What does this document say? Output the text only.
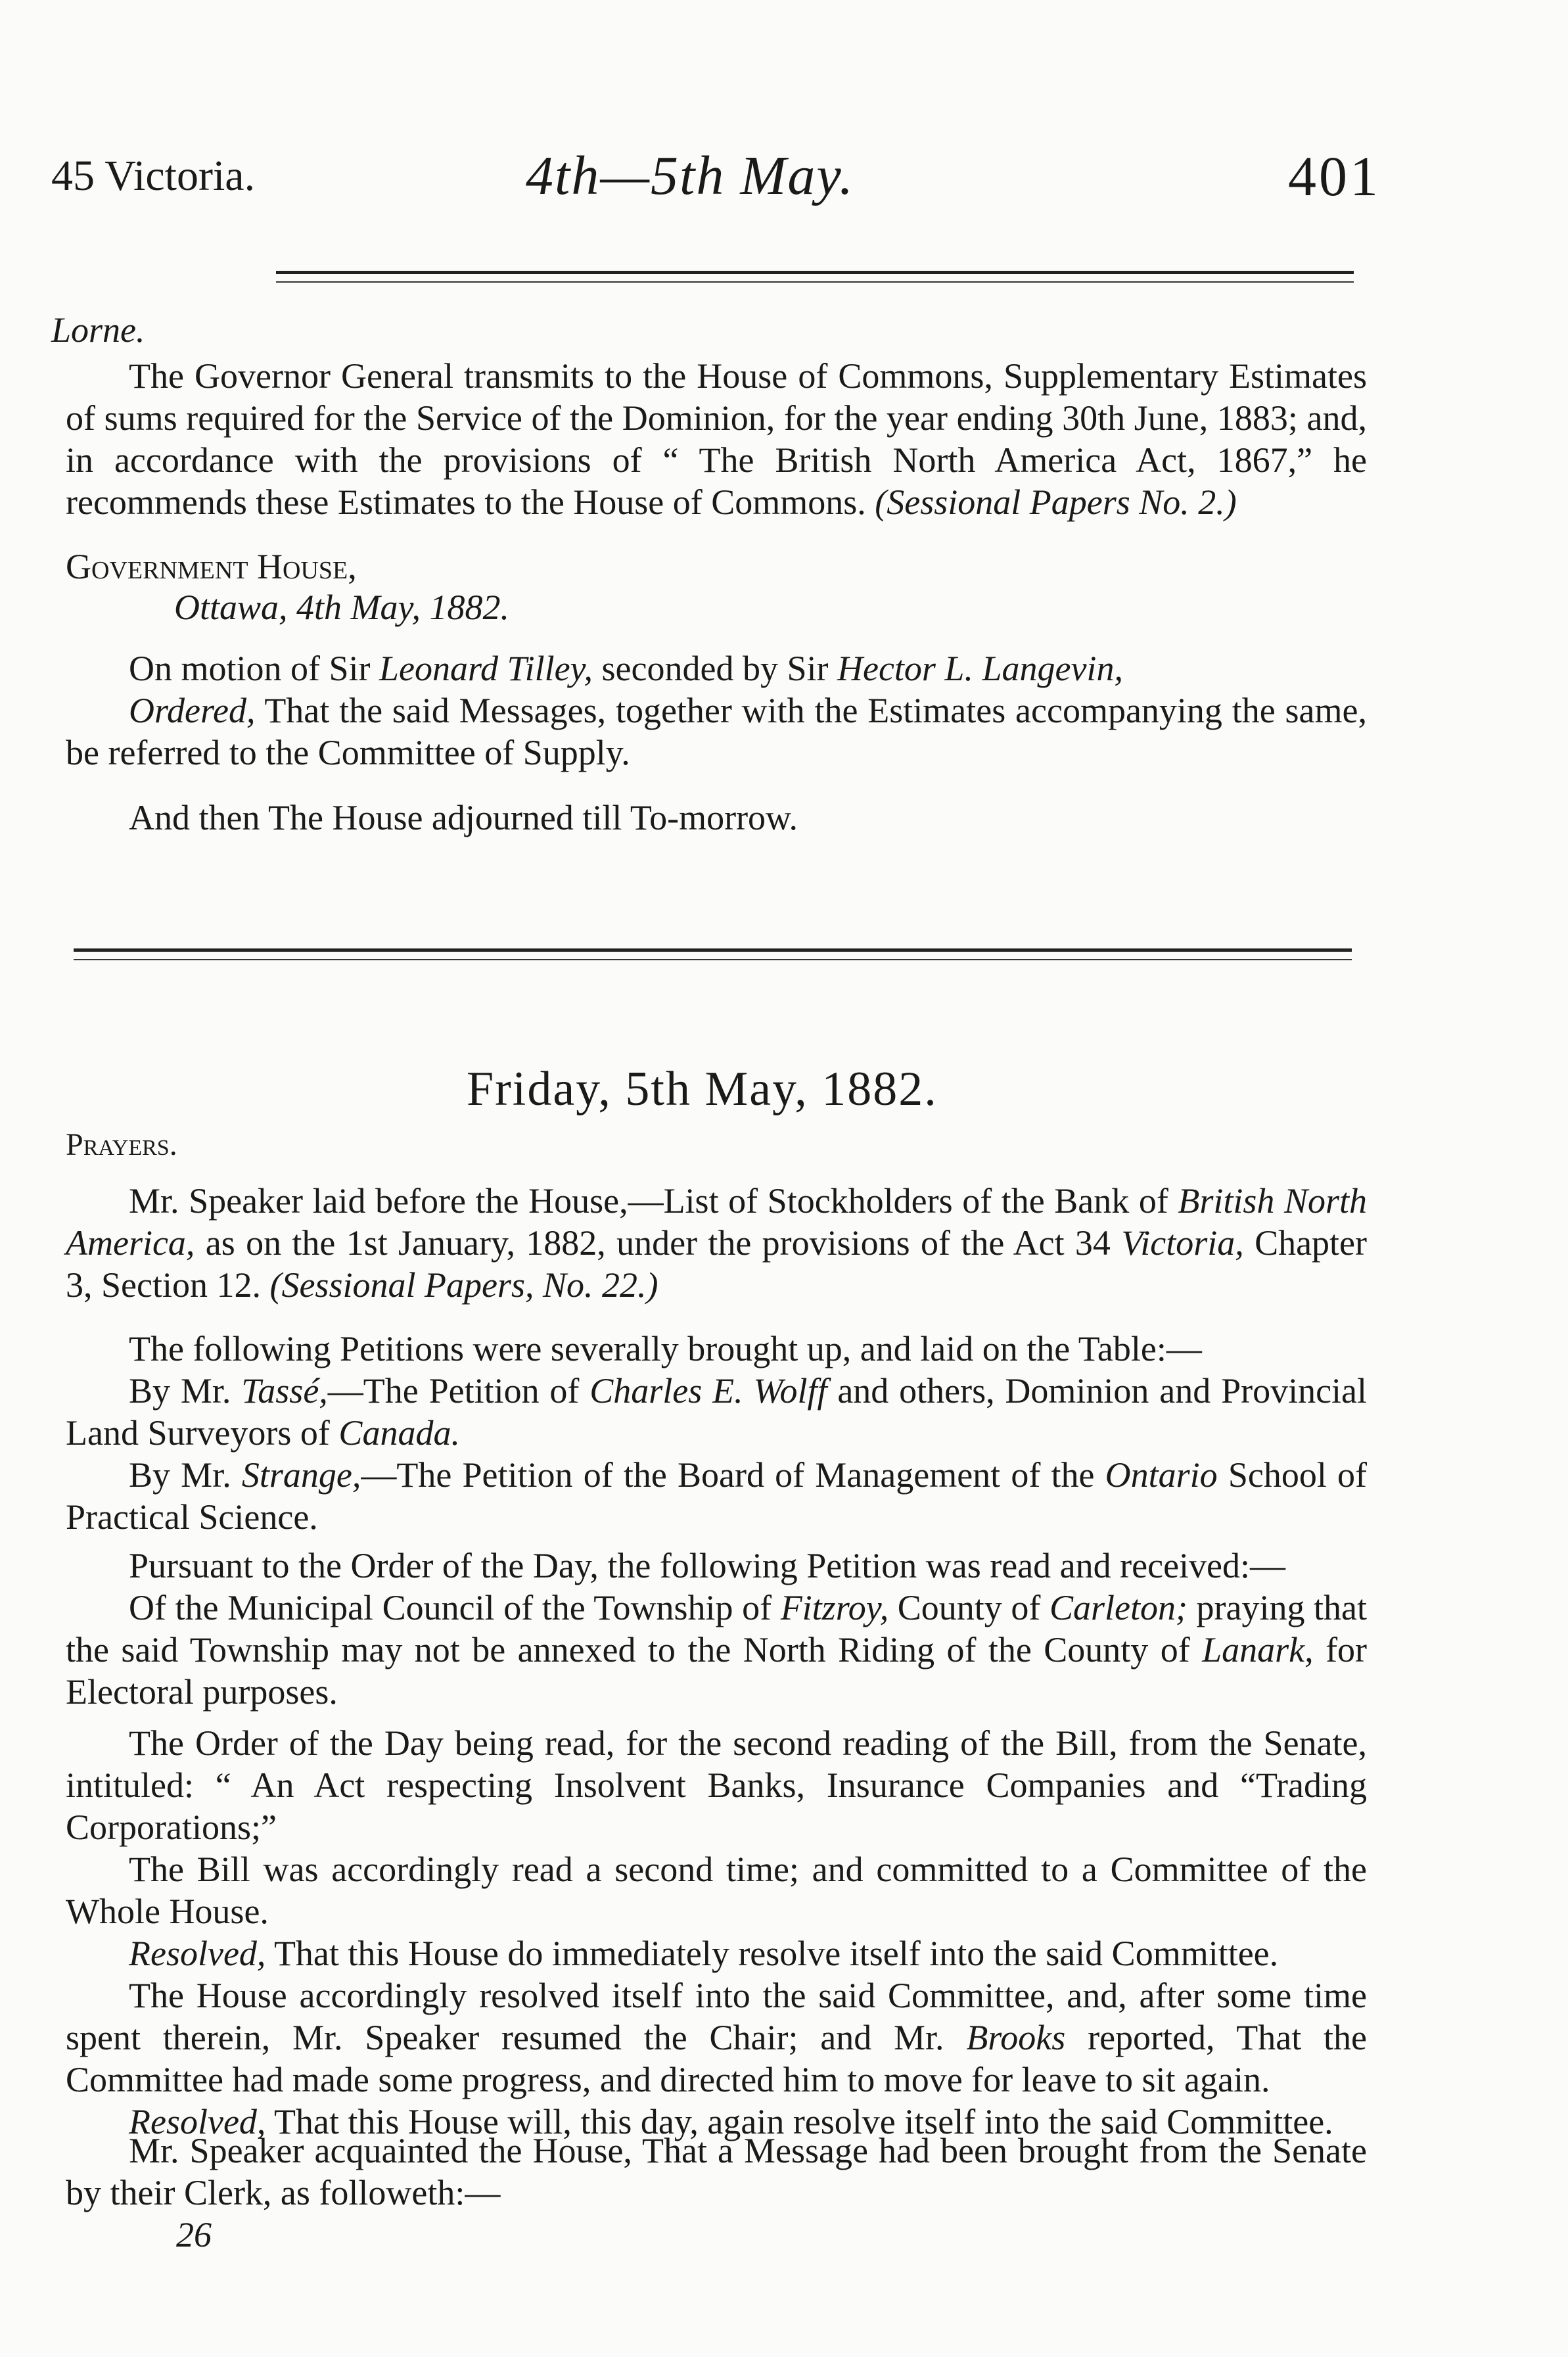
45 Victoria.	4th—5th May.	401
Lorne.

The Governor General transmits to the House of Commons, Supplementary Estimates of sums required for the Service of the Dominion, for the year ending 30th June, 1883; and, in accordance with the provisions of “ The British North America Act, 1867,” he recommends these Estimates to the House of Commons. (Sessional Papers No. 2.)

Government House,
Ottawa, 4th May, 1882.

On motion of Sir Leonard Tilley, seconded by Sir Hector L. Langevin,

Ordered, That the said Messages, together with the Estimates accompanying the same, be referred to the Committee of Supply.

And then The House adjourned till To-morrow.
Friday, 5th May, 1882.
Prayers.

Mr. Speaker laid before the House,—List of Stockholders of the Bank of British North America, as on the 1st January, 1882, under the provisions of the Act 34 Victoria, Chapter 3, Section 12. (Sessional Papers, No. 22.)

The following Petitions were severally brought up, and laid on the Table:—

By Mr. Tassé,—The Petition of Charles E. Wolff and others, Dominion and Provincial Land Surveyors of Canada.

By Mr. Strange,—The Petition of the Board of Management of the Ontario School of Practical Science.

Pursuant to the Order of the Day, the following Petition was read and received:—

Of the Municipal Council of the Township of Fitzroy, County of Carleton; praying that the said Township may not be annexed to the North Riding of the County of Lanark, for Electoral purposes.

The Order of the Day being read, for the second reading of the Bill, from the Senate, intituled: “ An Act respecting Insolvent Banks, Insurance Companies and “Trading Corporations;”

The Bill was accordingly read a second time; and committed to a Committee of the Whole House.

Resolved, That this House do immediately resolve itself into the said Committee.

The House accordingly resolved itself into the said Committee, and, after some time spent therein, Mr. Speaker resumed the Chair; and Mr. Brooks reported, That the Committee had made some progress, and directed him to move for leave to sit again.

Resolved, That this House will, this day, again resolve itself into the said Committee.

Mr. Speaker acquainted the House, That a Message had been brought from the Senate by their Clerk, as followeth:—

26
